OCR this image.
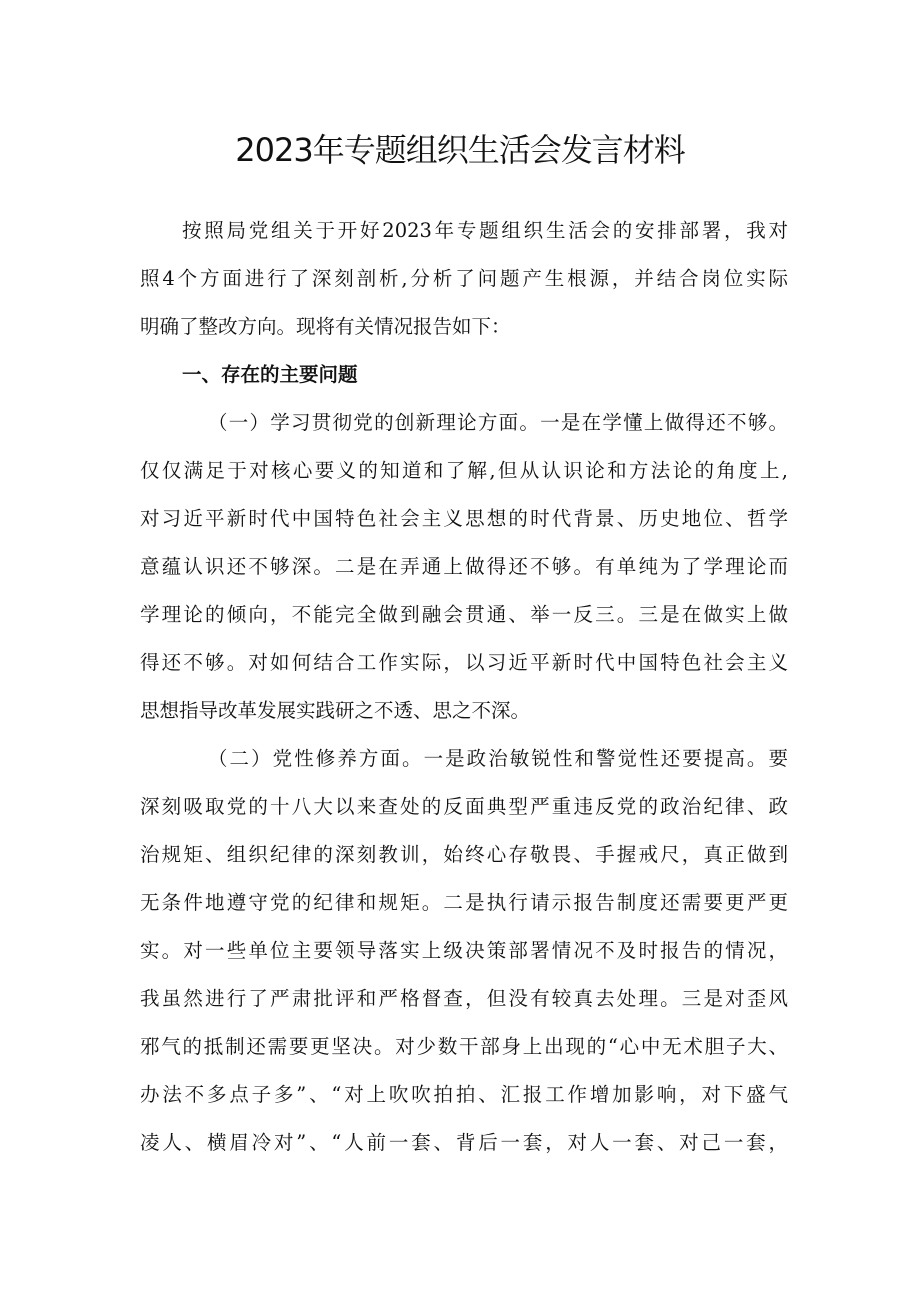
2023年专题组织生活会发言材料
按照局党组关于开好2023年专题组织生活会的安排部署，我对
照4个方面进行了深刻剖析,分析了问题产生根源，并结合岗位实际
明确了整改方向。现将有关情况报告如下：
一、存在的主要问题
（一）学习贯彻党的创新理论方面。一是在学懂上做得还不够。
仅仅满足于对核心要义的知道和了解,但从认识论和方法论的角度上,
对习近平新时代中国特色社会主义思想的时代背景、历史地位、哲学
意蕴认识还不够深。二是在弄通上做得还不够。有单纯为了学理论而
学理论的倾向，不能完全做到融会贯通、举一反三。三是在做实上做
得还不够。对如何结合工作实际，以习近平新时代中国特色社会主义
思想指导改革发展实践研之不透、思之不深。
（二）党性修养方面。一是政治敏锐性和警觉性还要提高。要
深刻吸取党的十八大以来查处的反面典型严重违反党的政治纪律、政
治规矩、组织纪律的深刻教训，始终心存敬畏、手握戒尺，真正做到
无条件地遵守党的纪律和规矩。二是执行请示报告制度还需要更严更
实。对一些单位主要领导落实上级决策部署情况不及时报告的情况，
我虽然进行了严肃批评和严格督查，但没有较真去处理。三是对歪风
邪气的抵制还需要更坚决。对少数干部身上出现的“心中无术胆子大、
办法不多点子多”、“对上吹吹拍拍、汇报工作增加影响，对下盛气
凌人、横眉冷对”、“人前一套、背后一套，对人一套、对己一套，
